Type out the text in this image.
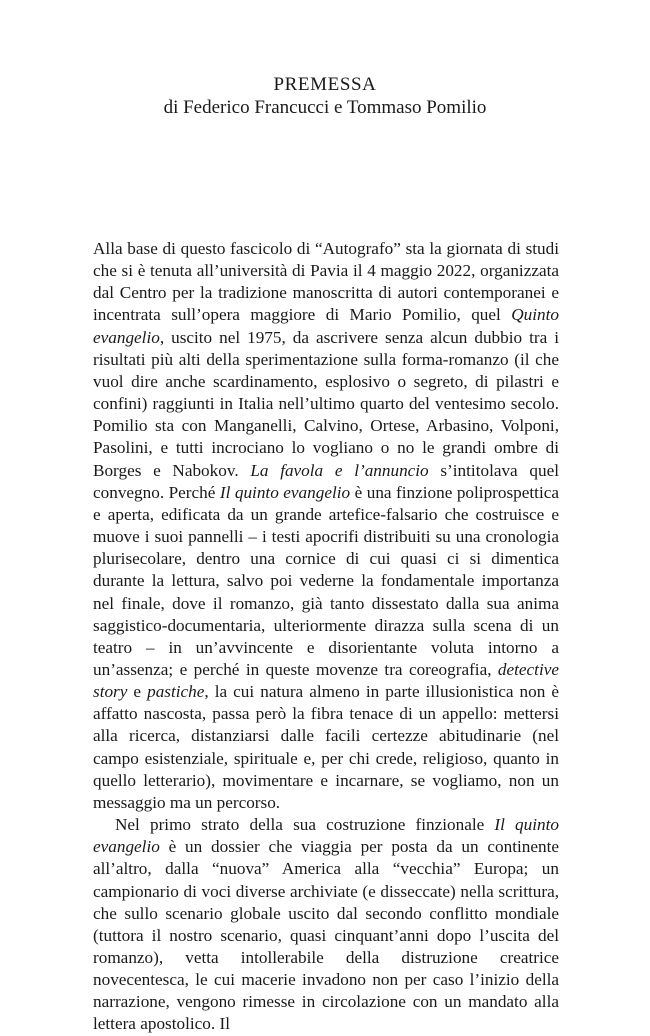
PREMESSA

di Federico Francucci e Tommaso Pomilio

Alla base di questo fascicolo di “Autografo” sta la giornata di studi che si è tenuta all’università di Pavia il 4 maggio 2022, organizzata dal Centro per la tradizione manoscritta di autori contemporanei e incentrata sull’opera maggiore di Mario Pomilio, quel Quinto evangelio, uscito nel 1975, da ascrivere senza alcun dubbio tra i risultati più alti della sperimentazione sulla forma-romanzo (il che vuol dire anche scardinamento, esplosivo o segreto, di pilastri e confini) raggiunti in Italia nell’ultimo quarto del ventesimo secolo. Pomilio sta con Manganelli, Calvino, Ortese, Arbasino, Volponi, Pasolini, e tutti incrociano lo vogliano o no le grandi ombre di Borges e Nabokov. La favola e l’annuncio s’intitolava quel convegno. Perché Il quinto evangelio è una finzione poliprospettica e aperta, edificata da un grande artefice-falsario che costruisce e muove i suoi pannelli – i testi apocrifi distribuiti su una cronologia plurisecolare, dentro una cornice di cui quasi ci si dimentica durante la lettura, salvo poi vederne la fondamentale importanza nel finale, dove il romanzo, già tanto dissestato dalla sua anima saggistico-documentaria, ulteriormente dirazza sulla scena di un teatro – in un’avvincente e disorientante voluta intorno a un’assenza; e perché in queste movenze tra coreografia, detective story e pastiche, la cui natura almeno in parte illusionistica non è affatto nascosta, passa però la fibra tenace di un appello: mettersi alla ricerca, distanziarsi dalle facili certezze abitudinarie (nel campo esistenziale, spirituale e, per chi crede, religioso, quanto in quello letterario), movimentare e incarnare, se vogliamo, non un messaggio ma un percorso.

Nel primo strato della sua costruzione finzionale Il quinto evangelio è un dossier che viaggia per posta da un continente all’altro, dalla “nuova” America alla “vecchia” Europa; un campionario di voci diverse archiviate (e disseccate) nella scrittura, che sullo scenario globale uscito dal secondo conflitto mondiale (tuttora il nostro scenario, quasi cinquant’anni dopo l’uscita del romanzo), vetta intollerabile della distruzione creatrice novecentesca, le cui macerie invadono non per caso l’inizio della narrazione, vengono rimesse in circolazione con un mandato alla lettera apostolico. Il
